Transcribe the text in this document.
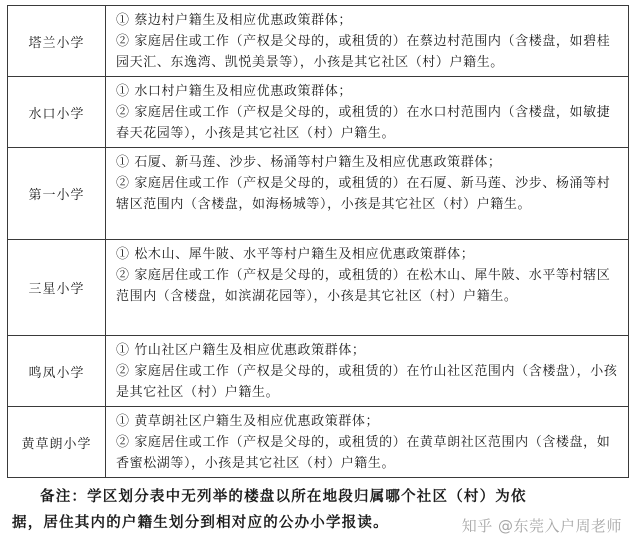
塔兰小学	① 蔡边村户籍生及相应优惠政策群体；
② 家庭居住或工作（产权是父母的，或租赁的）在蔡边村范围内（含楼盘，如碧桂园天汇、东逸湾、凯悦美景等），小孩是其它社区（村）户籍生。

水口小学	① 水口村户籍生及相应优惠政策群体；
② 家庭居住或工作（产权是父母的，或租赁的）在水口村范围内（含楼盘，如敏捷春天花园等），小孩是其它社区（村）户籍生。

第一小学	① 石厦、新马莲、沙步、杨涌等村户籍生及相应优惠政策群体；
② 家庭居住或工作（产权是父母的，或租赁的）在石厦、新马莲、沙步、杨涌等村辖区范围内（含楼盘，如海杨城等），小孩是其它社区（村）户籍生。

三星小学	① 松木山、犀牛陂、水平等村户籍生及相应优惠政策群体；
② 家庭居住或工作（产权是父母的，或租赁的）在松木山、犀牛陂、水平等村辖区范围内（含楼盘，如滨湖花园等），小孩是其它社区（村）户籍生。

鸣凤小学	① 竹山社区户籍生及相应优惠政策群体；
② 家庭居住或工作（产权是父母的，或租赁的）在竹山社区范围内（含楼盘），小孩是其它社区（村）户籍生。

黄草朗小学	① 黄草朗社区户籍生及相应优惠政策群体；
② 家庭居住或工作（产权是父母的，或租赁的）在黄草朗社区范围内（含楼盘，如香蜜松湖等），小孩是其它社区（村）户籍生。
备注：学区划分表中无列举的楼盘以所在地段归属哪个社区（村）为依
据，居住其内的户籍生划分到相对应的公办小学报读。	知乎 @东莞入户周老师
